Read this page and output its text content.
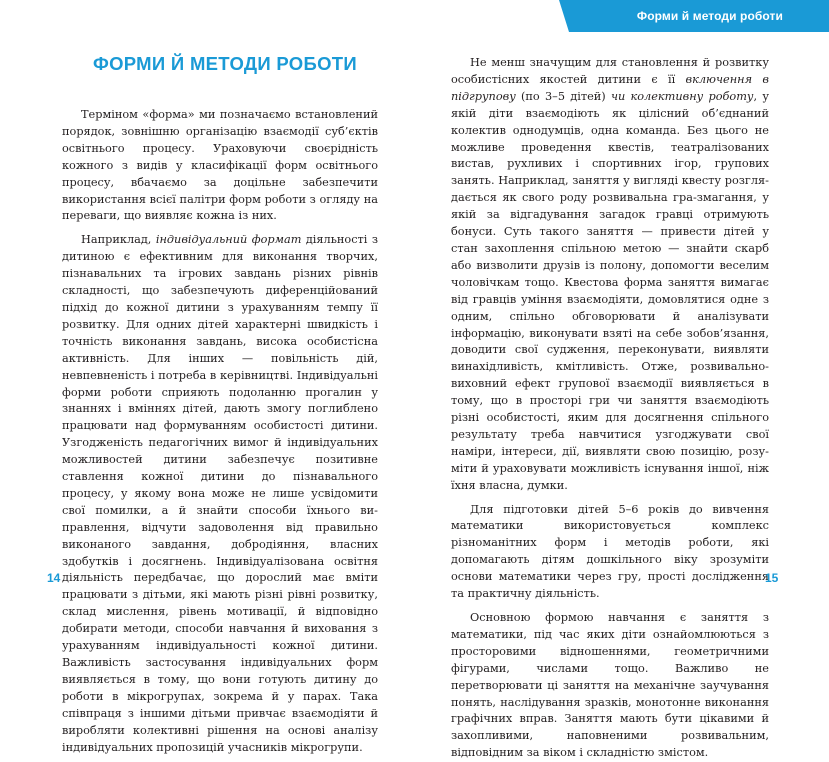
Форми й методи роботи
ФОРМИ Й МЕТОДИ РОБОТИ

Терміном «форма» ми позначаємо встановлений порядок, зовнішню організацію взаємодії суб’єктів освітнього процесу. Ураховуючи своєрідність кожного з видів у класифікації форм освітнього процесу, вбачаємо за доцільне забезпечити використання всієї палітри форм роботи з огляду на переваги, що виявляє кожна із них.

Наприклад, індивідуальний формат діяльності з дитиною є ефективним для виконання творчих, пізнавальних та ігрових завдань різних рівнів складності, що забезпечують диференційований підхід до кожної дитини з урахуванням темпу її розвитку. Для одних дітей характерні швидкість і точність виконання завдань, висока особистісна активність. Для інших — повільність дій, невпевненість і потреба в керівництві. Індивідуальні форми роботи сприяють подоланню прогалин у знаннях і вміннях дітей, дають змогу поглиблено працювати над формуванням особистості дитини. Узгодженість педагогічних вимог й індивідуальних можливостей дитини забезпечує позитивне ставлення кожної дитини до пізнавального процесу, у якому вона може не лише усвідомити свої помилки, а й знайти способи їхнього виправлення, відчути задоволення від правильно виконаного завдання, добродіяння, власних здобутків і досягнень. Індивідуалізована освітня діяльність передбачає, що дорослий має вміти працювати з дітьми, які мають різні рівні розвитку, склад мислення, рівень мотивації, й відповідно добирати методи, способи навчання й виховання з урахуванням індивідуальності кожної дитини. Важливість застосування індивідуальних форм виявляється в тому, що вони готують дитину до роботи в мікрогрупах, зокрема й у парах. Така співпраця з іншими дітьми привчає взаємодіяти й виробляти колективні рішення на основі аналізу індивідуальних пропозицій учасників мікрогрупи.

Не менш значущим для становлення й розвитку особистісних якостей дитини є її включення в підгрупову (по 3–5 дітей) чи колективну роботу, у якій діти взаємодіють як цілісний об’єднаний колектив однодумців, одна команда. Без цього не можливе проведення квестів, театралізованих вистав, рухливих і спортивних ігор, групових занять. Наприклад, заняття у вигляді квесту розглядається як свого роду розвивальна гра-змагання, у якій за відгадування загадок гравці отримують бонуси. Суть такого заняття — привести дітей у стан захоплення спільною метою — знайти скарб або визволити друзів із полону, допомогти веселим чоловічкам тощо. Квестова форма заняття вимагає від гравців уміння взаємодіяти, домовлятися одне з одним, спільно обговорювати й аналізувати інформацію, виконувати взяті на себе зобов’язання, доводити свої судження, переконувати, виявляти винахідливість, кмітливість. Отже, розвивально-виховний ефект групової взаємодії виявляється в тому, що в просторі гри чи заняття взаємодіють різні особистості, яким для досягнення спільного результату треба навчитися узгоджувати свої наміри, інтереси, дії, виявляти свою позицію, розуміти й ураховувати можливість існування іншої, ніж їхня власна, думки.

Для підготовки дітей 5–6 років до вивчення математики використовується комплекс різноманітних форм і методів роботи, які допомагають дітям дошкільного віку зрозуміти основи математики через гру, прості дослідження та практичну діяльність.

Основною формою навчання є заняття з математики, під час яких діти ознайомлюються з просторовими відношеннями, геометричними фігурами, числами тощо. Важливо не перетворювати ці заняття на механічне заучування понять, наслідування зразків, монотонне виконання графічних вправ. Заняття мають бути цікавими й захопливими, наповненими розвивальним, відповідним за віком і складністю змістом.

14	15
